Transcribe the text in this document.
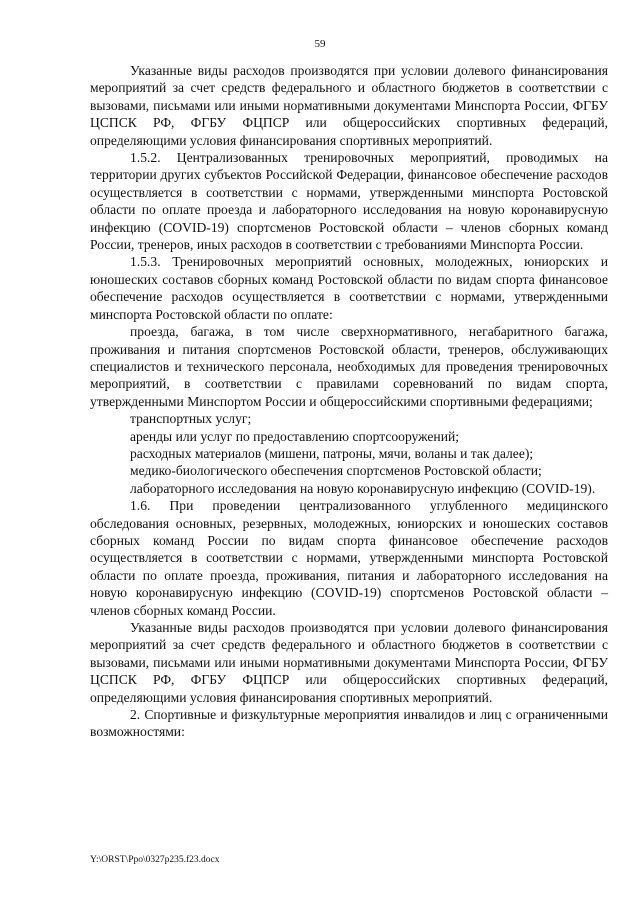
59

Указанные виды расходов производятся при условии долевого финансирования мероприятий за счет средств федерального и областного бюджетов в соответствии с вызовами, письмами или иными нормативными документами Минспорта России, ФГБУ ЦСПСК РФ, ФГБУ ФЦПСР или общероссийских спортивных федераций, определяющими условия финансирования спортивных мероприятий.

1.5.2. Централизованных тренировочных мероприятий, проводимых на территории других субъектов Российской Федерации, финансовое обеспечение расходов осуществляется в соответствии с нормами, утвержденными минспорта Ростовской области по оплате проезда и лабораторного исследования на новую коронавирусную инфекцию (COVID-19) спортсменов Ростовской области – членов сборных команд России, тренеров, иных расходов в соответствии с требованиями Минспорта России.

1.5.3. Тренировочных мероприятий основных, молодежных, юниорских и юношеских составов сборных команд Ростовской области по видам спорта финансовое обеспечение расходов осуществляется в соответствии с нормами, утвержденными минспорта Ростовской области по оплате:

проезда, багажа, в том числе сверхнормативного, негабаритного багажа, проживания и питания спортсменов Ростовской области, тренеров, обслуживающих специалистов и технического персонала, необходимых для проведения тренировочных мероприятий, в соответствии с правилами соревнований по видам спорта, утвержденными Минспортом России и общероссийскими спортивными федерациями;

транспортных услуг;

аренды или услуг по предоставлению спортсооружений;

расходных материалов (мишени, патроны, мячи, воланы и так далее);

медико-биологического обеспечения спортсменов Ростовской области;

лабораторного исследования на новую коронавирусную инфекцию (COVID-19).

1.6. При проведении централизованного углубленного медицинского обследования основных, резервных, молодежных, юниорских и юношеских составов сборных команд России по видам спорта финансовое обеспечение расходов осуществляется в соответствии с нормами, утвержденными минспорта Ростовской области по оплате проезда, проживания, питания и лабораторного исследования на новую коронавирусную инфекцию (COVID-19) спортсменов Ростовской области – членов сборных команд России.

Указанные виды расходов производятся при условии долевого финансирования мероприятий за счет средств федерального и областного бюджетов в соответствии с вызовами, письмами или иными нормативными документами Минспорта России, ФГБУ ЦСПСК РФ, ФГБУ ФЦПСР или общероссийских спортивных федераций, определяющими условия финансирования спортивных мероприятий.

2. Спортивные и физкультурные мероприятия инвалидов и лиц с ограниченными возможностями:

Y:\ORST\Ppo\0327p235.f23.docx
